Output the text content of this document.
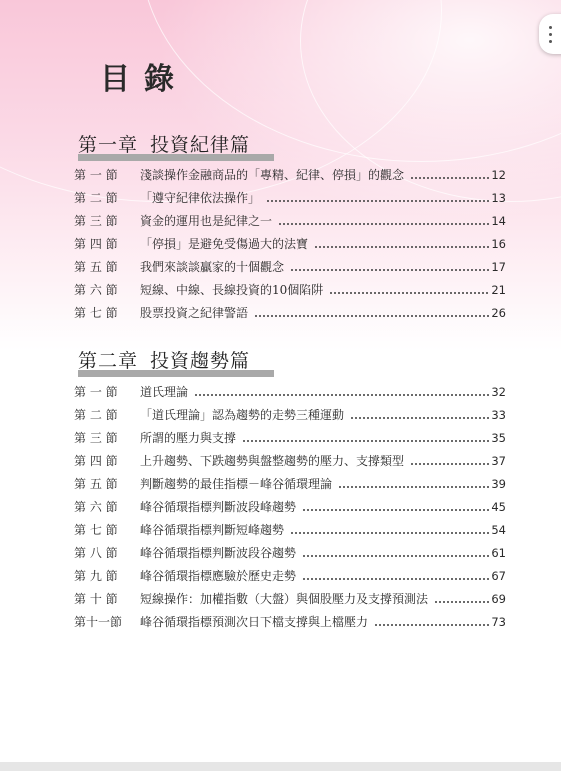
目錄
第一章 投資紀律篇
第 一 節	淺談操作金融商品的「專精、紀律、停損」的觀念	12
第 二 節	「遵守紀律依法操作」	13
第 三 節	資金的運用也是紀律之一	14
第 四 節	「停損」是避免受傷過大的法寶	16
第 五 節	我們來談談贏家的十個觀念	17
第 六 節	短線、中線、長線投資的10個陷阱	21
第 七 節	股票投資之紀律警語	26
第二章 投資趨勢篇
第 一 節	道氏理論	32
第 二 節	「道氏理論」認為趨勢的走勢三種運動	33
第 三 節	所謂的壓力與支撐	35
第 四 節	上升趨勢、下跌趨勢與盤整趨勢的壓力、支撐類型	37
第 五 節	判斷趨勢的最佳指標－峰谷循環理論	39
第 六 節	峰谷循環指標判斷波段峰趨勢	45
第 七 節	峰谷循環指標判斷短峰趨勢	54
第 八 節	峰谷循環指標判斷波段谷趨勢	61
第 九 節	峰谷循環指標應驗於歷史走勢	67
第 十 節	短線操作：加權指數（大盤）與個股壓力及支撐預測法	69
第十一節	峰谷循環指標預測次日下檔支撐與上檔壓力	73
